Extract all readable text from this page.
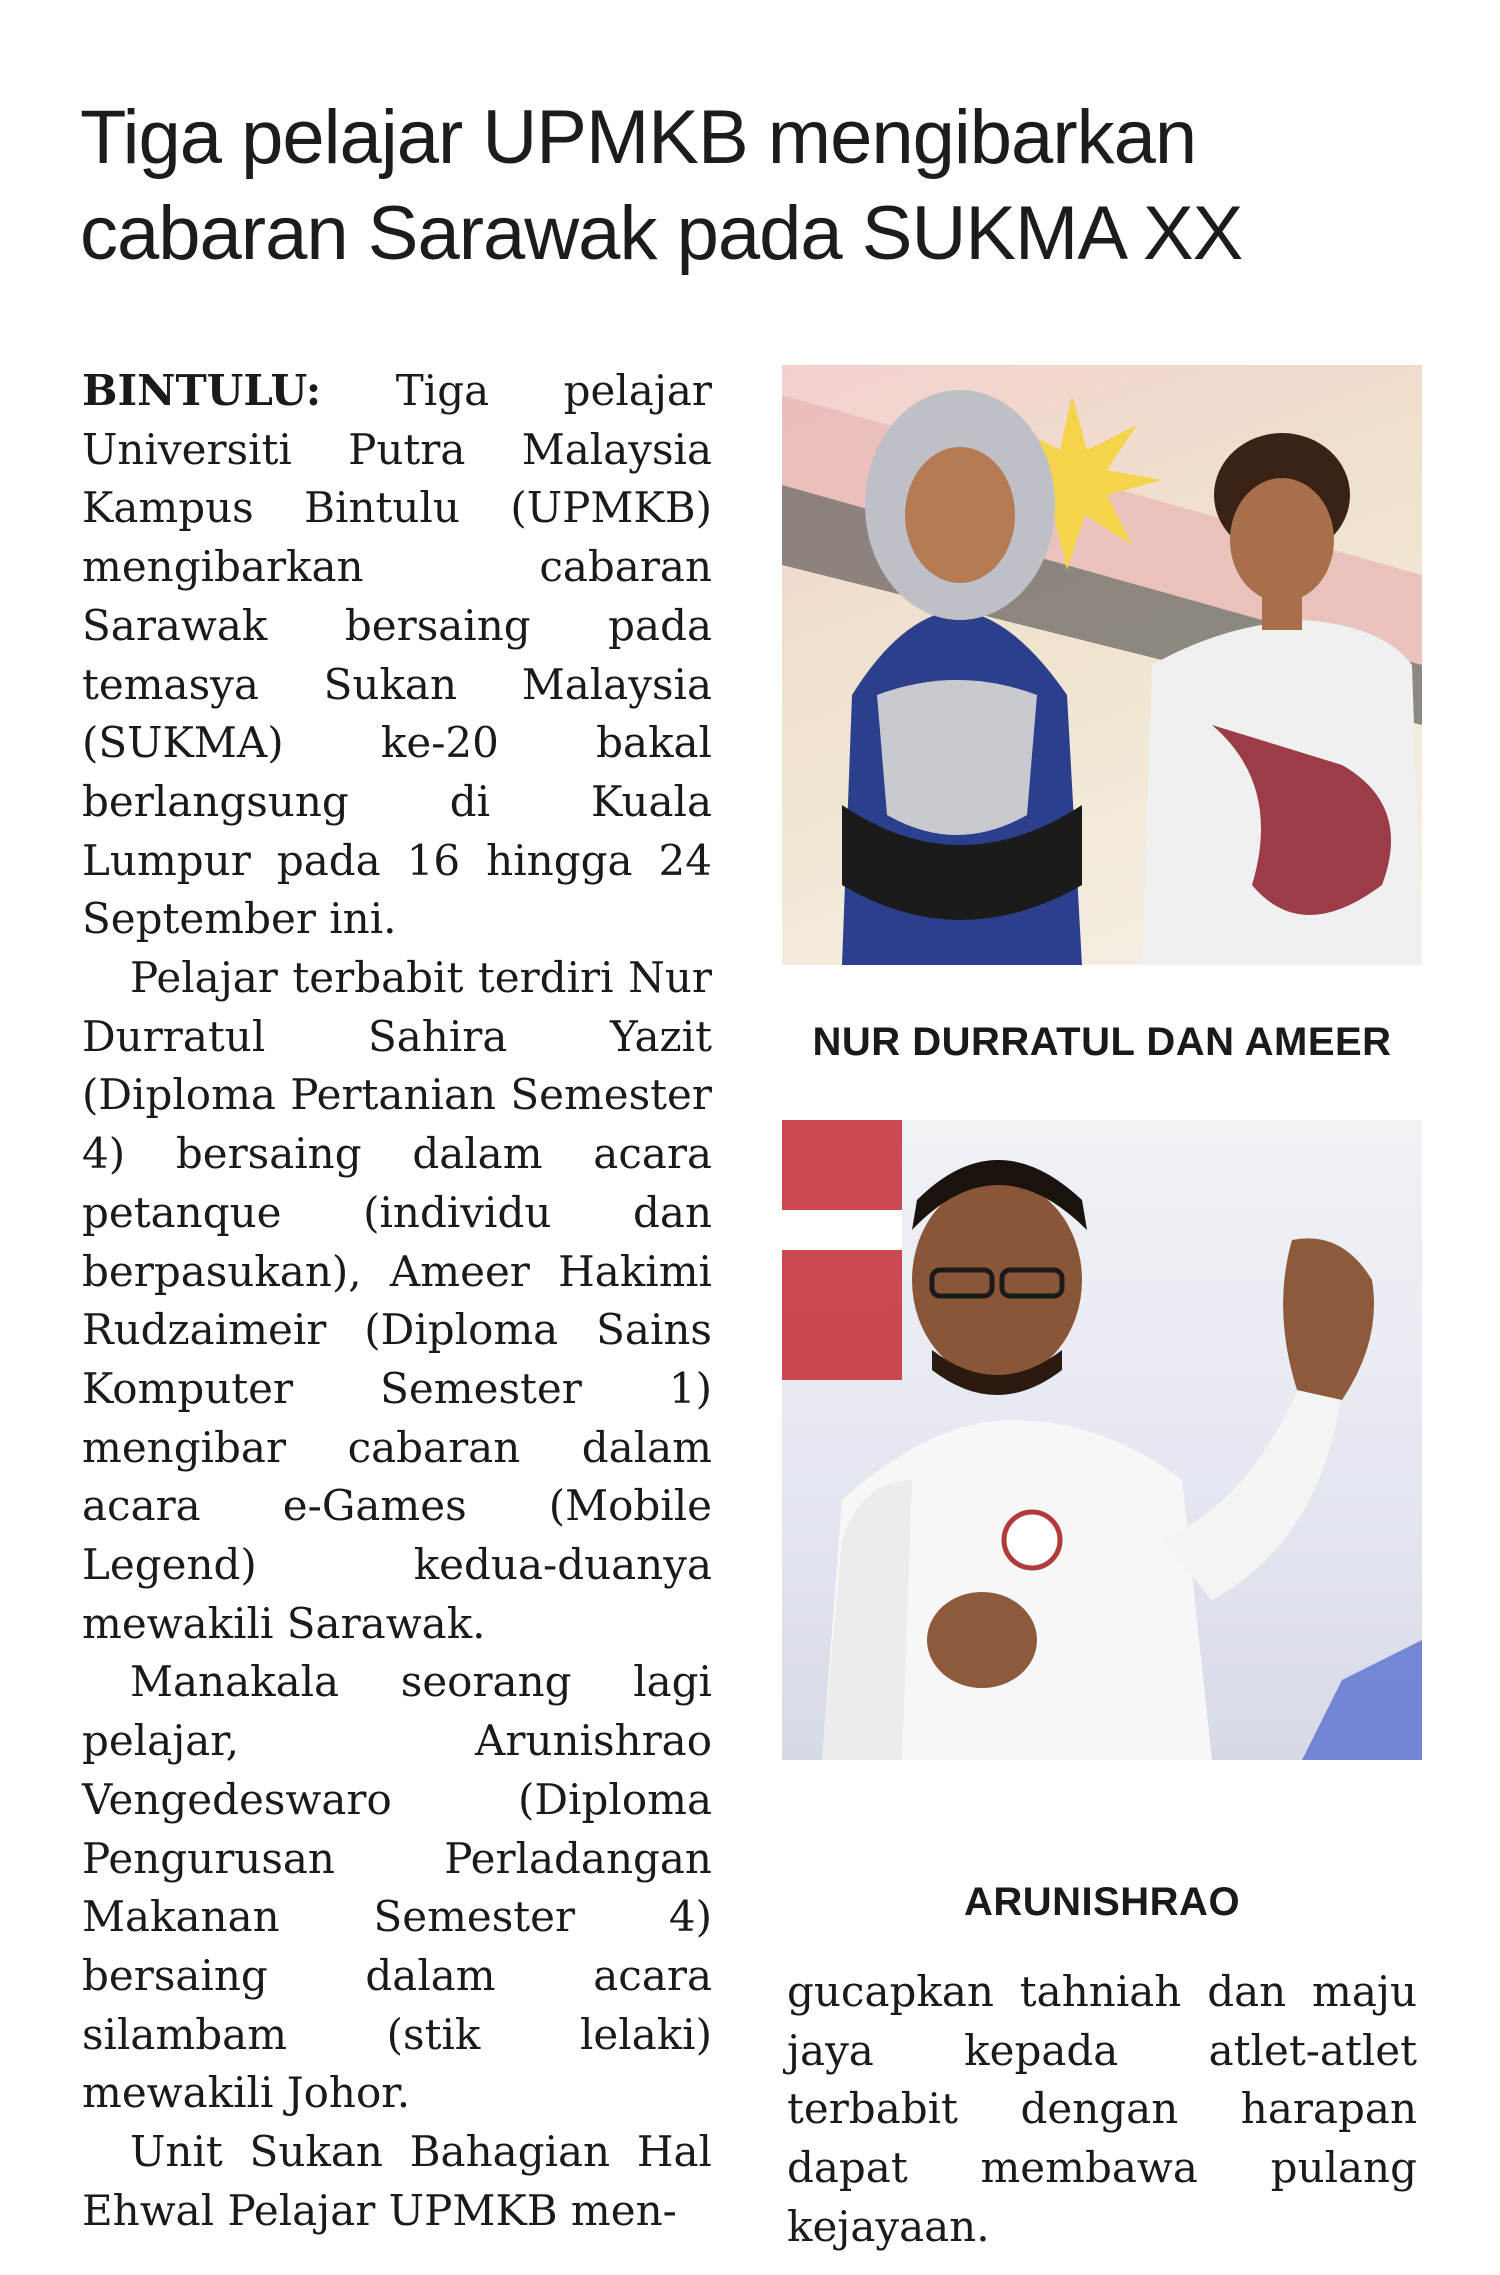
Tiga pelajar UPMKB mengibarkan
cabaran Sarawak pada SUKMA XX

BINTULU: Tiga pelajar Universiti Putra Malaysia Kampus Bintulu (UPMKB) mengibarkan cabaran Sarawak bersaing pada temasya Sukan Malaysia (SUKMA) ke-20 bakal berlangsung di Kuala Lumpur pada 16 hingga 24 September ini.

Pelajar terbabit terdiri Nur Durratul Sahira Yazit (Diploma Pertanian Semester 4) bersaing dalam acara petanque (individu dan berpasukan), Ameer Hakimi Rudzaimeir (Diploma Sains Komputer Semester 1) mengibar cabaran dalam acara e-Games (Mobile Legend) kedua-duanya mewakili Sarawak.

Manakala seorang lagi pelajar, Arunishrao Vengedeswaro (Diploma Pengurusan Perladangan Makanan Semester 4) bersaing dalam acara silambam (stik lelaki) mewakili Johor.

Unit Sukan Bahagian Hal Ehwal Pelajar UPMKB men-

NUR DURRATUL DAN AMEER
ARUNISHRAO

gucapkan tahniah dan maju jaya kepada atlet-atlet terbabit dengan harapan dapat membawa pulang kejayaan.
